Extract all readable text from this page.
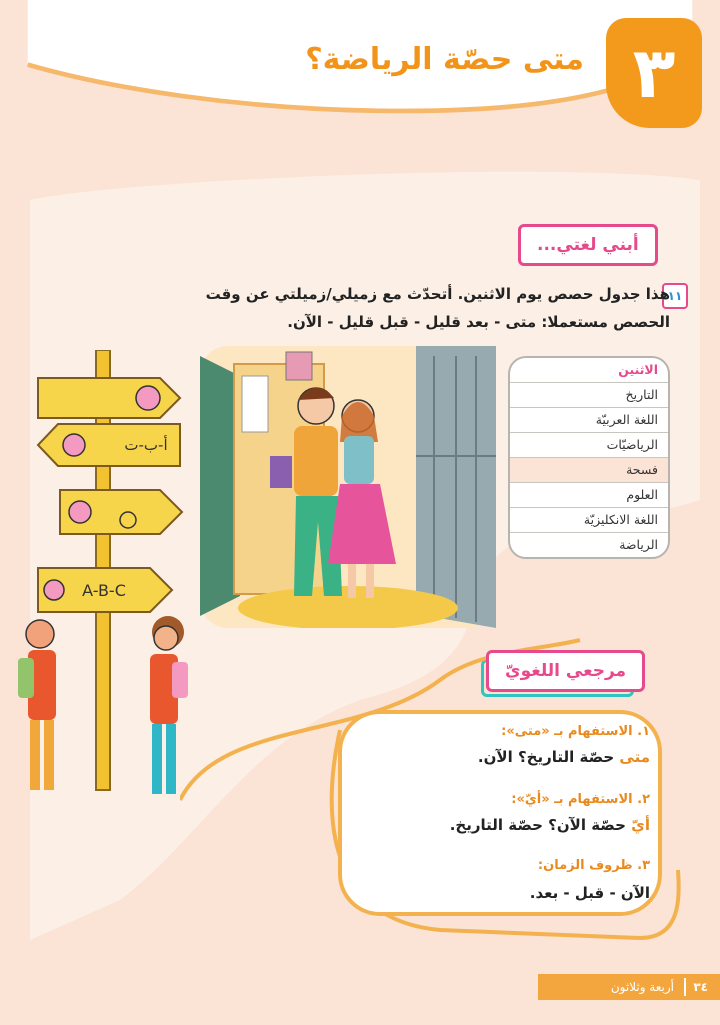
٣
متى حصّة الرياضة؟
أبني لغتي...
١١
هذا جدول حصص يوم الاثنين. أتحدّث مع زميلي/زميلتي عن وقت الحصص مستعملا: متى - بعد قليل - قبل قليل - الآن.
أ-ب-ت
A-B-C
الاثنين
التاريخ
اللغة العربيّة
الرياضيّات
فسحة
العلوم
اللغة الانكليزيّة
الرياضة
مرجعي اللغويّ
١. الاستفهام بـ «متى»:
متى حصّة التاريخ؟ الآن.
٢. الاستفهام بـ «أيّ»:
أيّ حصّة الآن؟ حصّة التاريخ.
٣. ظروف الزمان:
الآن - قبل - بعد.
٣٤
أربعة وثلاثون
